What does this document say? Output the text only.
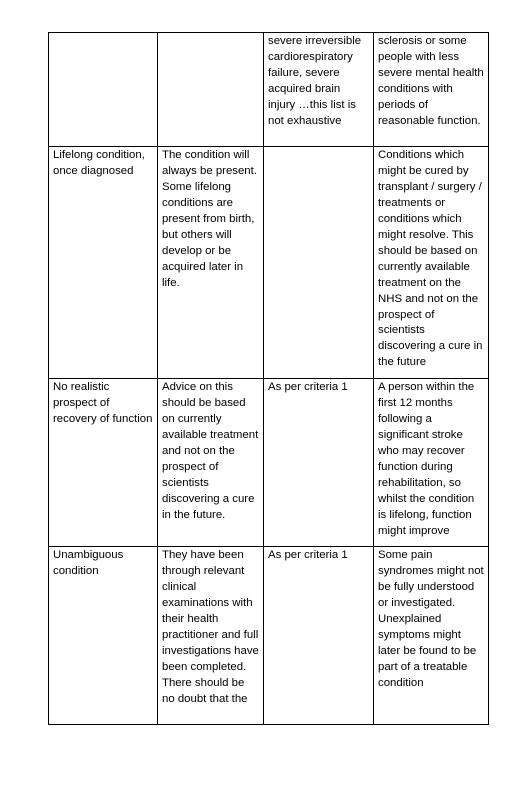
		severe irreversible cardiorespiratory failure, severe acquired brain injury …this list is not exhaustive	sclerosis or some people with less severe mental health conditions with periods of reasonable function.

Lifelong condition, once diagnosed	The condition will always be present. Some lifelong conditions are present from birth, but others will develop or be acquired later in life.		Conditions which might be cured by transplant / surgery / treatments or conditions which might resolve. This should be based on currently available treatment on the NHS and not on the prospect of scientists discovering a cure in the future

No realistic prospect of recovery of function	Advice on this should be based on currently available treatment and not on the prospect of scientists discovering a cure in the future.	As per criteria 1	A person within the first 12 months following a significant stroke who may recover function during rehabilitation, so whilst the condition is lifelong, function might improve

Unambiguous condition	They have been through relevant clinical examinations with their health practitioner and full investigations have been completed. There should be no doubt that the	As per criteria 1	Some pain syndromes might not be fully understood or investigated. Unexplained symptoms might later be found to be part of a treatable condition
